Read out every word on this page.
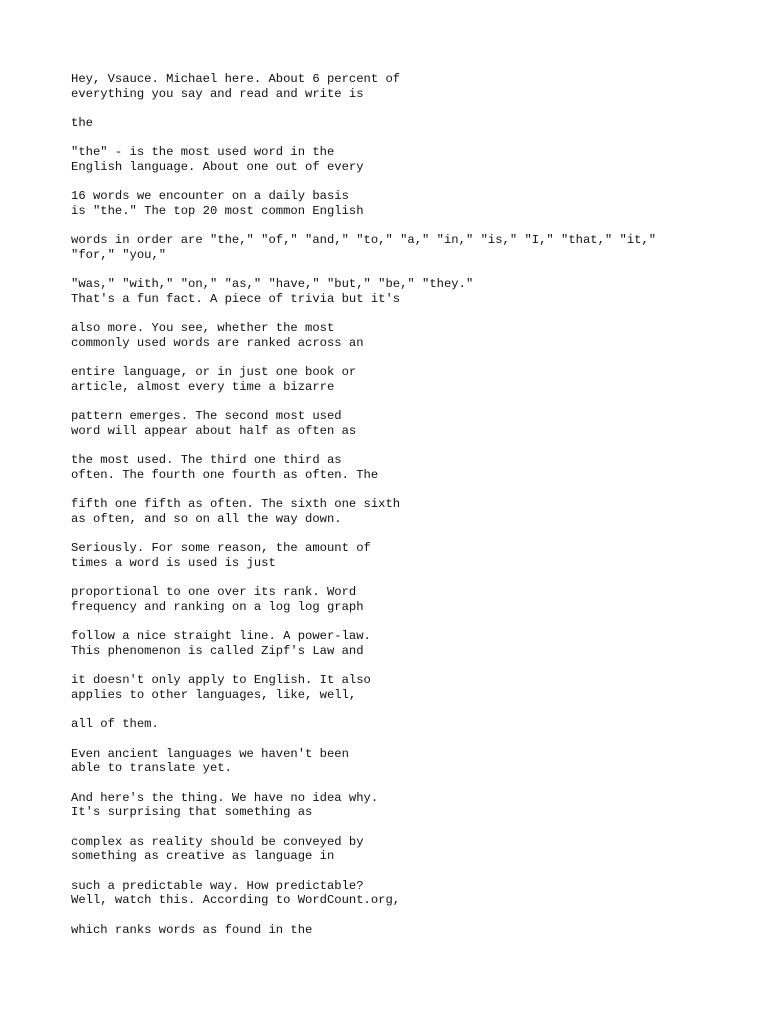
Hey, Vsauce. Michael here. About 6 percent of
everything you say and read and write is
the
"the" - is the most used word in the
English language. About one out of every
16 words we encounter on a daily basis
is "the." The top 20 most common English
words in order are "the," "of," "and," "to," "a," "in," "is," "I," "that," "it,"
"for," "you,"
"was," "with," "on," "as," "have," "but," "be," "they."
That's a fun fact. A piece of trivia but it's
also more. You see, whether the most
commonly used words are ranked across an
entire language, or in just one book or
article, almost every time a bizarre
pattern emerges. The second most used
word will appear about half as often as
the most used. The third one third as
often. The fourth one fourth as often. The
fifth one fifth as often. The sixth one sixth
as often, and so on all the way down.
Seriously. For some reason, the amount of
times a word is used is just
proportional to one over its rank. Word
frequency and ranking on a log log graph
follow a nice straight line. A power-law.
This phenomenon is called Zipf's Law and
it doesn't only apply to English. It also
applies to other languages, like, well,
all of them.
Even ancient languages we haven't been
able to translate yet.
And here's the thing. We have no idea why.
It's surprising that something as
complex as reality should be conveyed by
something as creative as language in
such a predictable way. How predictable?
Well, watch this. According to WordCount.org,
which ranks words as found in the
